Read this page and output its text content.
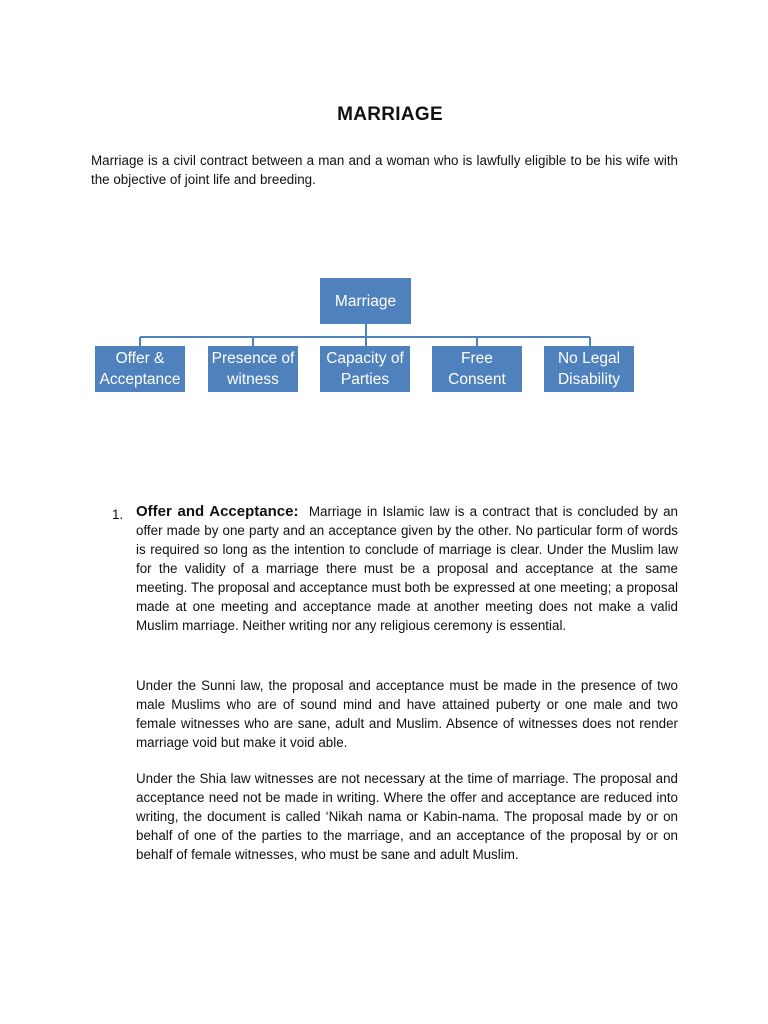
MARRIAGE
Marriage is a civil contract between a man and a woman who is lawfully eligible to be his wife with the objective of joint life and breeding.
Marriage
Offer &
Acceptance
Presence of
witness
Capacity of
Parties
Free
Consent
No Legal
Disability
1. Offer and Acceptance: Marriage in Islamic law is a contract that is concluded by an offer made by one party and an acceptance given by the other. No particular form of words is required so long as the intention to conclude of marriage is clear. Under the Muslim law for the validity of a marriage there must be a proposal and acceptance at the same meeting. The proposal and acceptance must both be expressed at one meeting; a proposal made at one meeting and acceptance made at another meeting does not make a valid Muslim marriage. Neither writing nor any religious ceremony is essential.
Under the Sunni law, the proposal and acceptance must be made in the presence of two male Muslims who are of sound mind and have attained puberty or one male and two female witnesses who are sane, adult and Muslim. Absence of witnesses does not render marriage void but make it void able.
Under the Shia law witnesses are not necessary at the time of marriage. The proposal and acceptance need not be made in writing. Where the offer and acceptance are reduced into writing, the document is called ‘Nikah nama or Kabin-nama. The proposal made by or on behalf of one of the parties to the marriage, and an acceptance of the proposal by or on behalf of female witnesses, who must be sane and adult Muslim.
